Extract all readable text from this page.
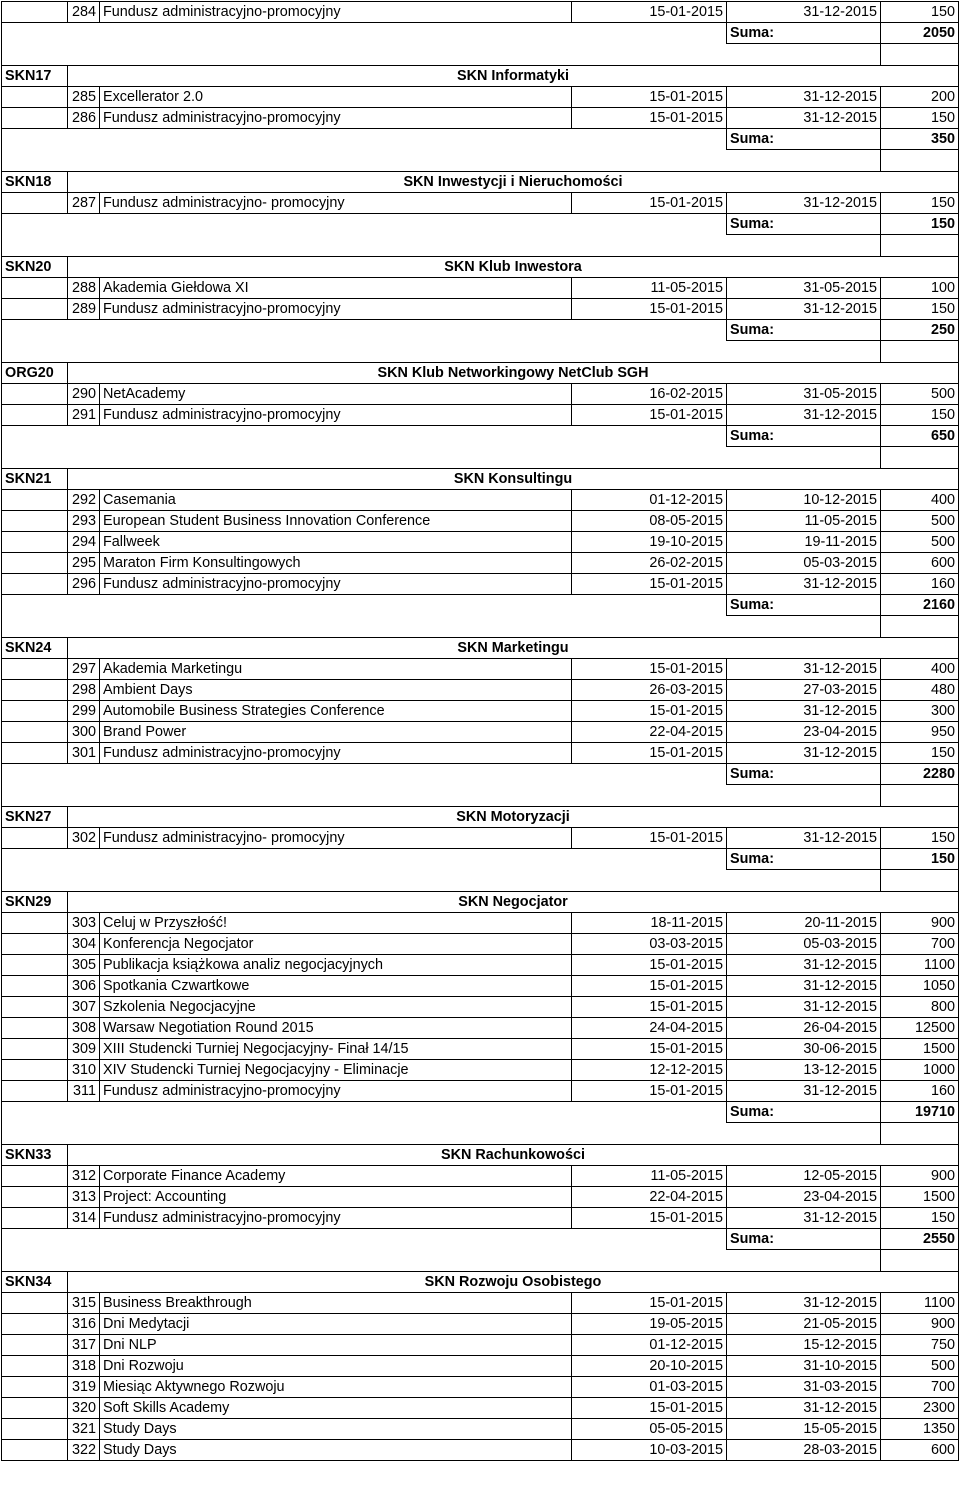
	284	Fundusz administracyjno-promocyjny	15-01-2015	31-12-2015	150
				Suma:	2050

SKN17	SKN Informatyki				
	285	Excellerator 2.0	15-01-2015	31-12-2015	200
	286	Fundusz administracyjno-promocyjny	15-01-2015	31-12-2015	150
				Suma:	350

SKN18	SKN Inwestycji i Nieruchomości				
	287	Fundusz administracyjno- promocyjny	15-01-2015	31-12-2015	150
				Suma:	150

SKN20	SKN Klub Inwestora				
	288	Akademia Giełdowa XI	11-05-2015	31-05-2015	100
	289	Fundusz administracyjno-promocyjny	15-01-2015	31-12-2015	150
				Suma:	250

ORG20	SKN Klub Networkingowy NetClub SGH				
	290	NetAcademy	16-02-2015	31-05-2015	500
	291	Fundusz administracyjno-promocyjny	15-01-2015	31-12-2015	150
				Suma:	650

SKN21	SKN Konsultingu				
	292	Casemania	01-12-2015	10-12-2015	400
	293	European Student Business Innovation Conference	08-05-2015	11-05-2015	500
	294	Fallweek	19-10-2015	19-11-2015	500
	295	Maraton Firm Konsultingowych	26-02-2015	05-03-2015	600
	296	Fundusz administracyjno-promocyjny	15-01-2015	31-12-2015	160
				Suma:	2160

SKN24	SKN Marketingu				
	297	Akademia Marketingu	15-01-2015	31-12-2015	400
	298	Ambient Days	26-03-2015	27-03-2015	480
	299	Automobile Business Strategies Conference	15-01-2015	31-12-2015	300
	300	Brand Power	22-04-2015	23-04-2015	950
	301	Fundusz administracyjno-promocyjny	15-01-2015	31-12-2015	150
				Suma:	2280

SKN27	SKN Motoryzacji				
	302	Fundusz administracyjno- promocyjny	15-01-2015	31-12-2015	150
				Suma:	150

SKN29	SKN Negocjator				
	303	Celuj w Przyszłość!	18-11-2015	20-11-2015	900
	304	Konferencja Negocjator	03-03-2015	05-03-2015	700
	305	Publikacja książkowa analiz negocjacyjnych	15-01-2015	31-12-2015	1100
	306	Spotkania Czwartkowe	15-01-2015	31-12-2015	1050
	307	Szkolenia Negocjacyjne	15-01-2015	31-12-2015	800
	308	Warsaw Negotiation Round 2015	24-04-2015	26-04-2015	12500
	309	XIII Studencki Turniej Negocjacyjny- Finał 14/15	15-01-2015	30-06-2015	1500
	310	XIV Studencki Turniej Negocjacyjny - Eliminacje	12-12-2015	13-12-2015	1000
	311	Fundusz administracyjno-promocyjny	15-01-2015	31-12-2015	160
				Suma:	19710

SKN33	SKN Rachunkowości				
	312	Corporate Finance Academy	11-05-2015	12-05-2015	900
	313	Project: Accounting	22-04-2015	23-04-2015	1500
	314	Fundusz administracyjno-promocyjny	15-01-2015	31-12-2015	150
				Suma:	2550

SKN34	SKN Rozwoju Osobistego				
	315	Business Breakthrough	15-01-2015	31-12-2015	1100
	316	Dni Medytacji	19-05-2015	21-05-2015	900
	317	Dni NLP	01-12-2015	15-12-2015	750
	318	Dni Rozwoju	20-10-2015	31-10-2015	500
	319	Miesiąc Aktywnego Rozwoju	01-03-2015	31-03-2015	700
	320	Soft Skills Academy	15-01-2015	31-12-2015	2300
	321	Study Days	05-05-2015	15-05-2015	1350
	322	Study Days	10-03-2015	28-03-2015	600
